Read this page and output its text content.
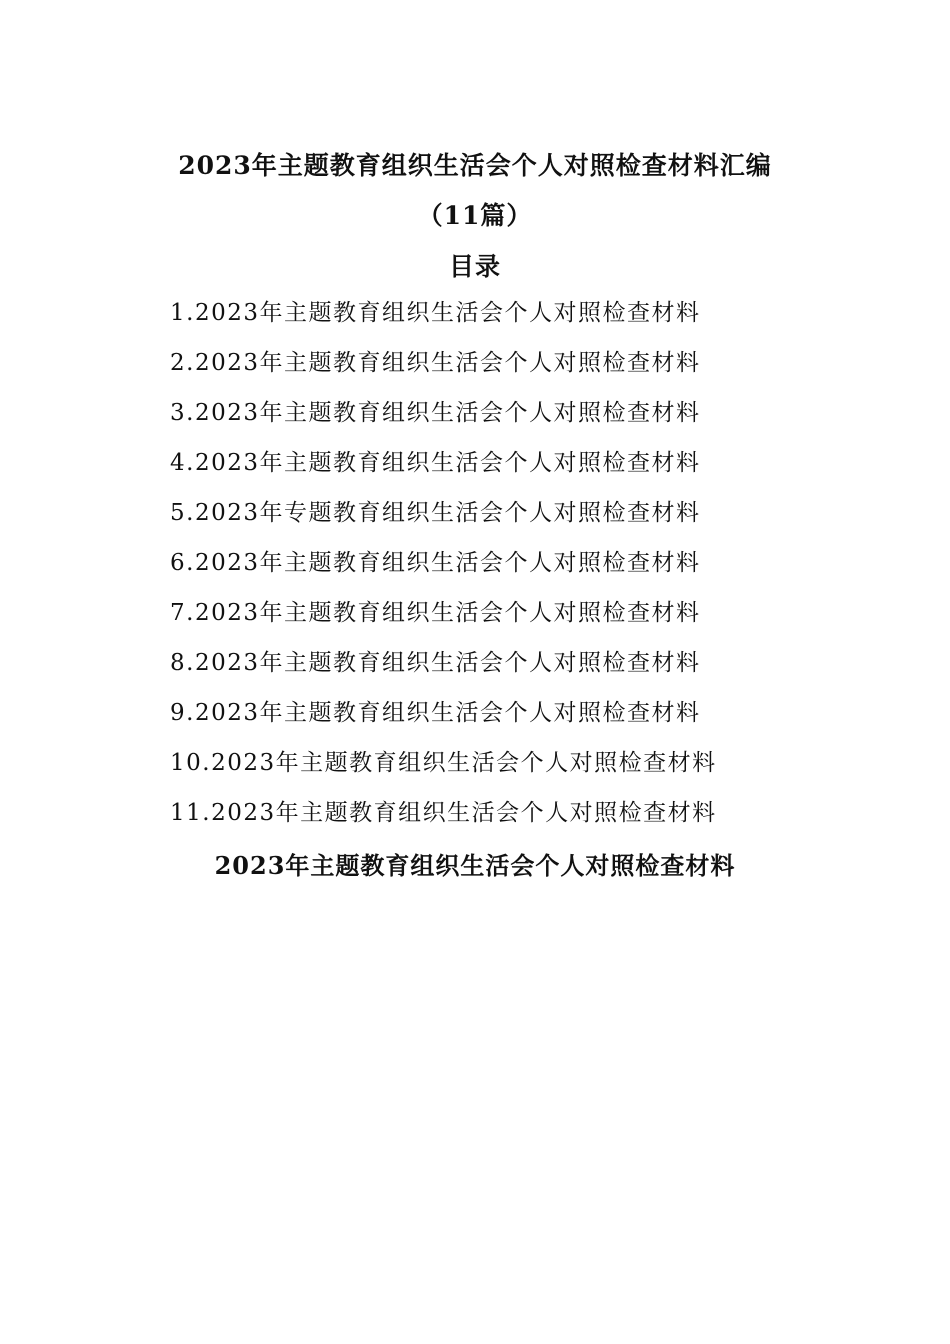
2023年主题教育组织生活会个人对照检查材料汇编
（11篇）
目录
1.2023年主题教育组织生活会个人对照检查材料
2.2023年主题教育组织生活会个人对照检查材料
3.2023年主题教育组织生活会个人对照检查材料
4.2023年主题教育组织生活会个人对照检查材料
5.2023年专题教育组织生活会个人对照检查材料
6.2023年主题教育组织生活会个人对照检查材料
7.2023年主题教育组织生活会个人对照检查材料
8.2023年主题教育组织生活会个人对照检查材料
9.2023年主题教育组织生活会个人对照检查材料
10.2023年主题教育组织生活会个人对照检查材料
11.2023年主题教育组织生活会个人对照检查材料
2023年主题教育组织生活会个人对照检查材料
